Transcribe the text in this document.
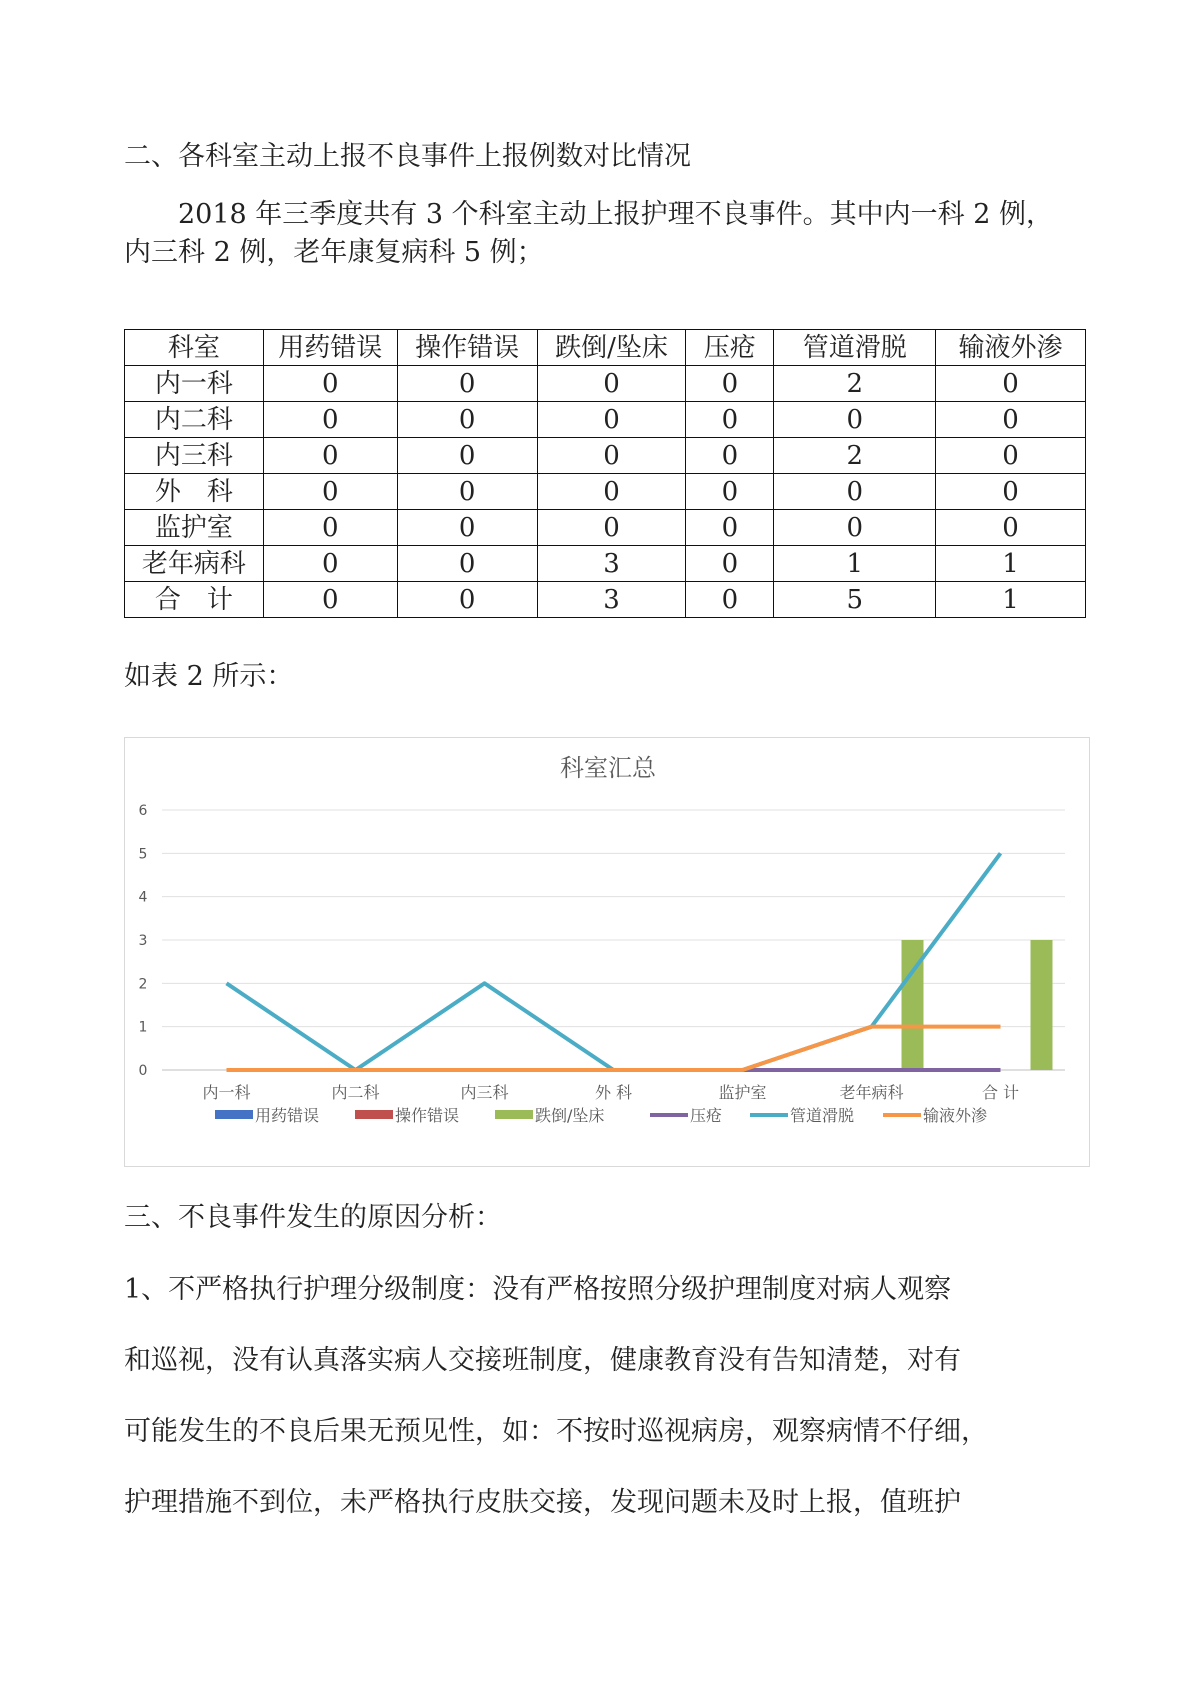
二、各科室主动上报不良事件上报例数对比情况

2018 年三季度共有 3 个科室主动上报护理不良事件。其中内一科 2 例，内三科 2 例，老年康复病科 5 例；

科室	用药错误	操作错误	跌倒/坠床	压疮	管道滑脱	输液外渗
内一科	0	0	0	0	2	0
内二科	0	0	0	0	0	0
内三科	0	0	0	0	2	0
外　科	0	0	0	0	0	0
监护室	0	0	0	0	0	0
老年病科	0	0	3	0	1	1
合　计	0	0	3	0	5	1

如表 2 所示：

科室汇总
0
1
2
3
4
5
6
内一科	内二科	内三科	外 科	监护室	老年病科	合 计
用药错误	操作错误	跌倒/坠床	压疮	管道滑脱	输液外渗

三、不良事件发生的原因分析：

1、不严格执行护理分级制度：没有严格按照分级护理制度对病人观察

和巡视，没有认真落实病人交接班制度，健康教育没有告知清楚，对有

可能发生的不良后果无预见性，如：不按时巡视病房，观察病情不仔细，

护理措施不到位，未严格执行皮肤交接，发现问题未及时上报，值班护
